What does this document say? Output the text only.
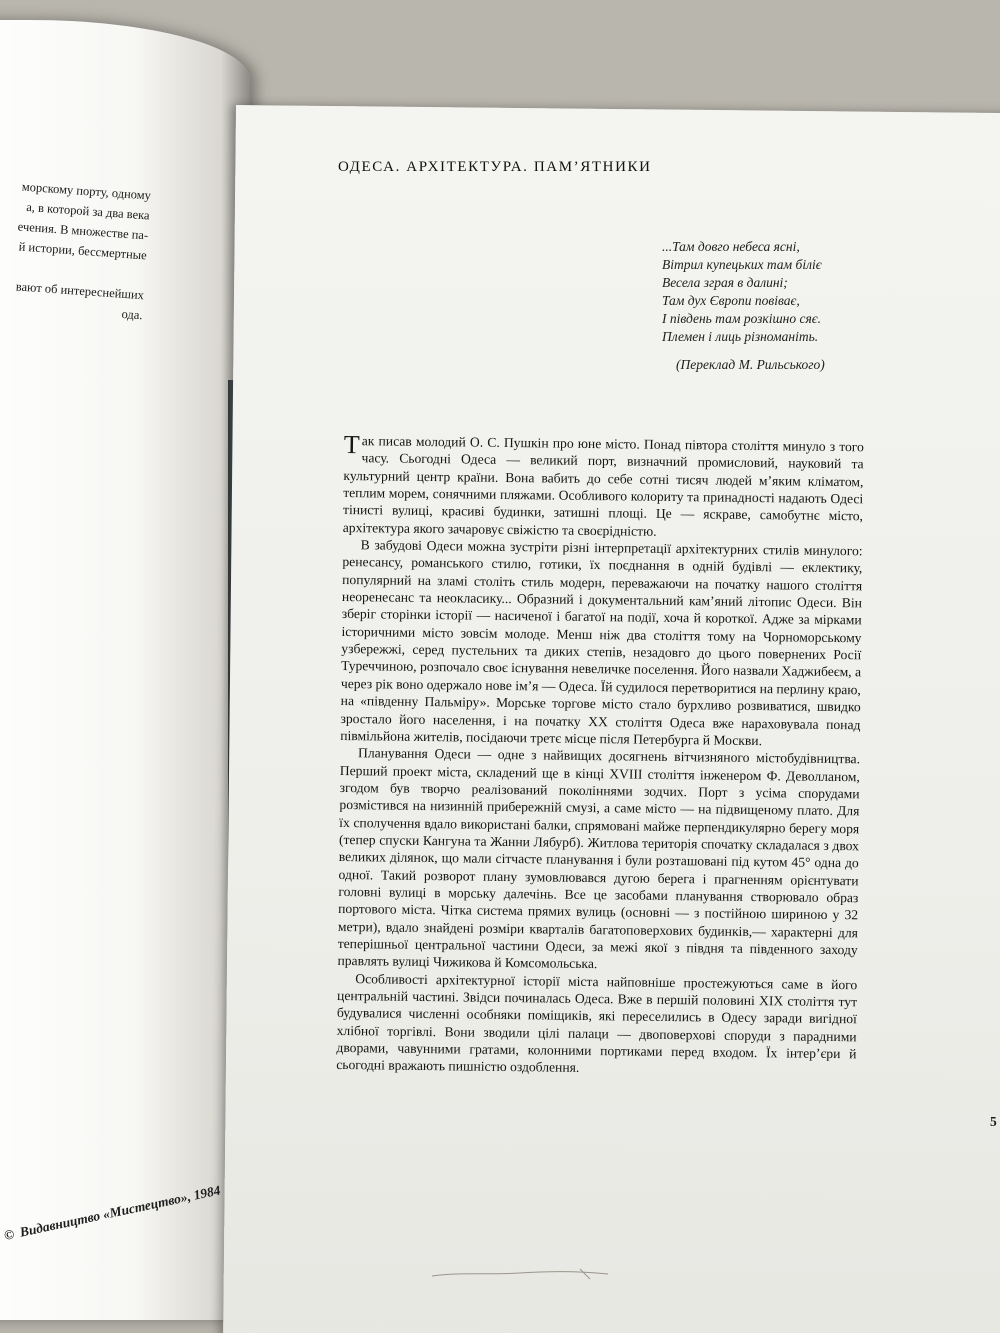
морскому порту, одному
а, в которой за два века
ечения. В множестве па-
й истории, бессмертные
вают об интереснейших
ода.
© Видавництво «Мистецтво», 1984
ОДЕСА. АРХІТЕКТУРА. ПАМ’ЯТНИКИ
...Там довго небеса ясні,
Вітрил купецьких там біліє
Весела зграя в далині;
Там дух Європи повіває,
І південь там розкішно сяє.
Племен і лиць різноманіть.
(Переклад М. Рильського)

Так писав молодий О. С. Пушкін про юне місто. Понад півтора століття минуло з того часу. Сьогодні Одеса — великий порт, визначний промисловий, науковий та культурний центр країни. Вона вабить до себе сотні тисяч людей м’яким кліматом, теплим морем, сонячними пляжами. Особливого колориту та принадності надають Одесі тінисті вулиці, красиві будинки, затишні площі. Це — яскраве, самобутнє місто, архітектура якого зачаровує свіжістю та своєрідністю.

В забудові Одеси можна зустріти різні інтерпретації архітектурних стилів минулого: ренесансу, романського стилю, готики, їх поєднання в одній будівлі — еклектику, популярний на зламі століть стиль модерн, переважаючи на початку нашого століття неоренесанс та неокласику... Образний і документальний кам’яний літопис Одеси. Він зберіг сторінки історії — насиченої і багатої на події, хоча й короткої. Адже за мірками історичними місто зовсім молоде. Менш ніж два століття тому на Чорноморському узбережжі, серед пустельних та диких степів, незадовго до цього повернених Росії Туреччиною, розпочало своє існування невеличке поселення. Його назвали Хаджибеєм, а через рік воно одержало нове ім’я — Одеса. Їй судилося перетворитися на перлину краю, на «південну Пальміру». Морське торгове місто стало бурхливо розвиватися, швидко зростало його населення, і на початку XX століття Одеса вже нараховувала понад півмільйона жителів, посідаючи третє місце після Петербурга й Москви.

Планування Одеси — одне з найвищих досягнень вітчизняного містобудівництва. Перший проект міста, складений ще в кінці XVIII століття інженером Ф. Деволланом, згодом був творчо реалізований поколіннями зодчих. Порт з усіма спорудами розмістився на низинній прибережній смузі, а саме місто — на підвищеному плато. Для їх сполучення вдало використані балки, спрямовані майже перпендикулярно берегу моря (тепер спуски Кангуна та Жанни Лябурб). Житлова територія спочатку складалася з двох великих ділянок, що мали сітчасте планування і були розташовані під кутом 45° одна до одної. Такий розворот плану зумовлювався дугою берега і прагненням орієнтувати головні вулиці в морську далечінь. Все це засобами планування створювало образ портового міста. Чітка система прямих вулиць (основні — з постійною шириною у 32 метри), вдало знайдені розміри кварталів багатоповерхових будинків,— характерні для теперішньої центральної частини Одеси, за межі якої з півдня та південного заходу правлять вулиці Чижикова й Комсомольська.

Особливості архітектурної історії міста найповніше простежуються саме в його центральній частині. Звідси починалась Одеса. Вже в першій половині XIX століття тут будувалися численні особняки поміщиків, які переселились в Одесу заради вигідної хлібної торгівлі. Вони зводили цілі палаци — двоповерхові споруди з парадними дворами, чавунними гратами, колонними портиками перед входом. Їх інтер’єри й сьогодні вражають пишністю оздоблення.

5
